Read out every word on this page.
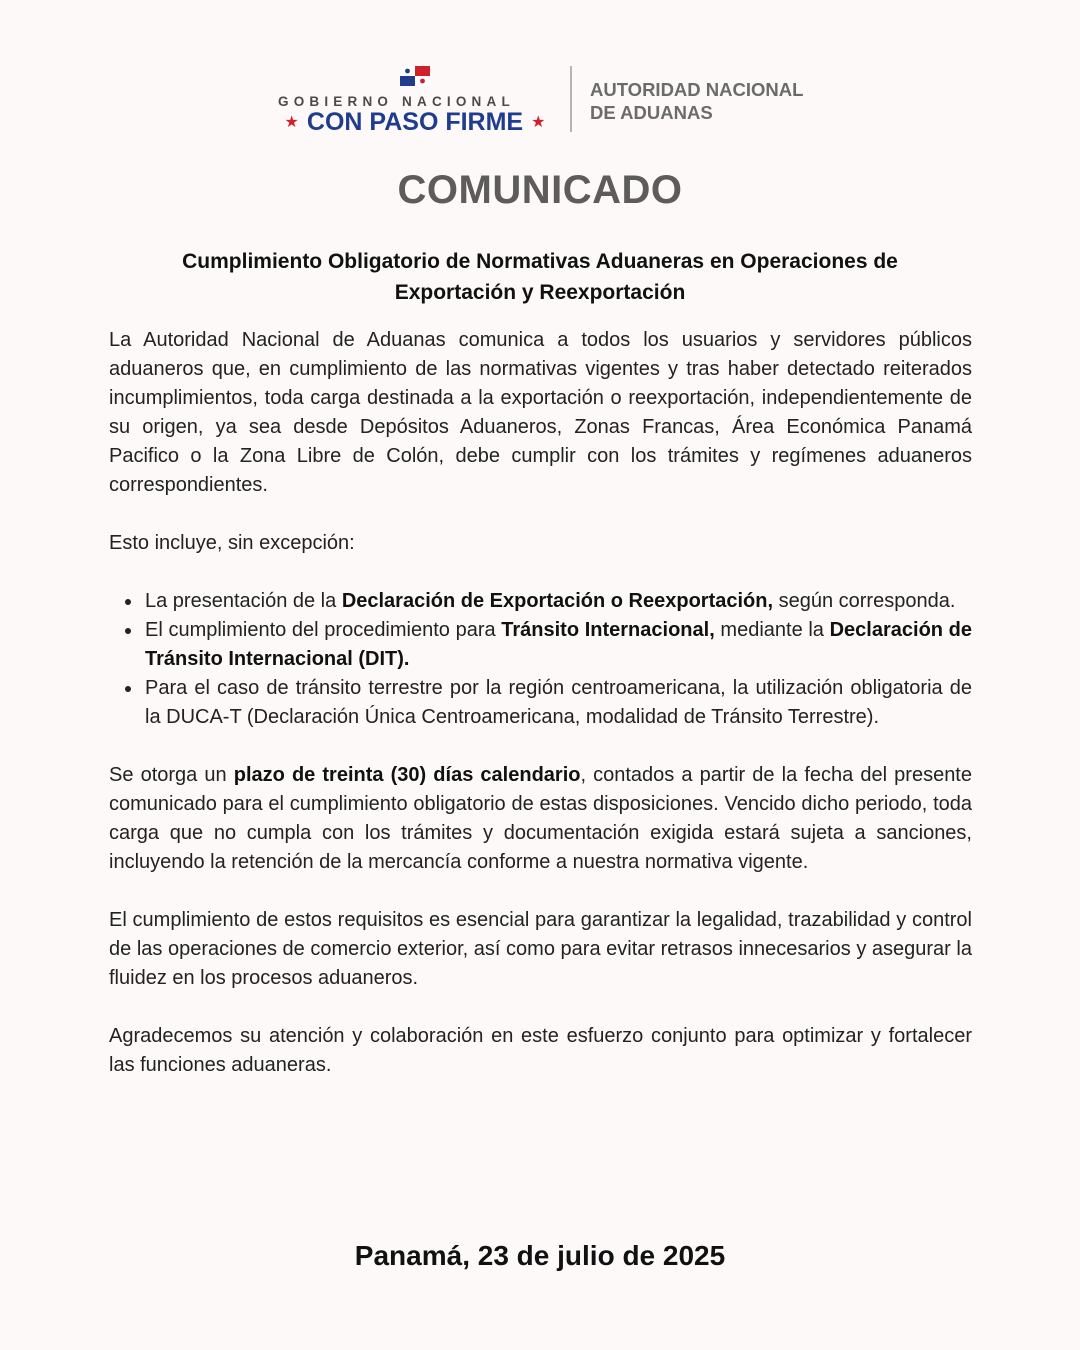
GOBIERNO NACIONAL
★ CON PASO FIRME ★
AUTORIDAD NACIONAL
DE ADUANAS
COMUNICADO
Cumplimiento Obligatorio de Normativas Aduaneras en Operaciones de
Exportación y Reexportación

La Autoridad Nacional de Aduanas comunica a todos los usuarios y servidores públicos aduaneros que, en cumplimiento de las normativas vigentes y tras haber detectado reiterados incumplimientos, toda carga destinada a la exportación o reexportación, independientemente de su origen, ya sea desde Depósitos Aduaneros, Zonas Francas, Área Económica Panamá Pacifico o la Zona Libre de Colón, debe cumplir con los trámites y regímenes aduaneros correspondientes.

Esto incluye, sin excepción:

La presentación de la Declaración de Exportación o Reexportación, según corresponda.
El cumplimiento del procedimiento para Tránsito Internacional, mediante la Declaración de Tránsito Internacional (DIT).
Para el caso de tránsito terrestre por la región centroamericana, la utilización obligatoria de la DUCA-T (Declaración Única Centroamericana, modalidad de Tránsito Terrestre).

Se otorga un plazo de treinta (30) días calendario, contados a partir de la fecha del presente comunicado para el cumplimiento obligatorio de estas disposiciones. Vencido dicho periodo, toda carga que no cumpla con los trámites y documentación exigida estará sujeta a sanciones, incluyendo la retención de la mercancía conforme a nuestra normativa vigente.

El cumplimiento de estos requisitos es esencial para garantizar la legalidad, trazabilidad y control de las operaciones de comercio exterior, así como para evitar retrasos innecesarios y asegurar la fluidez en los procesos aduaneros.

Agradecemos su atención y colaboración en este esfuerzo conjunto para optimizar y fortalecer las funciones aduaneras.

Panamá, 23 de julio de 2025
